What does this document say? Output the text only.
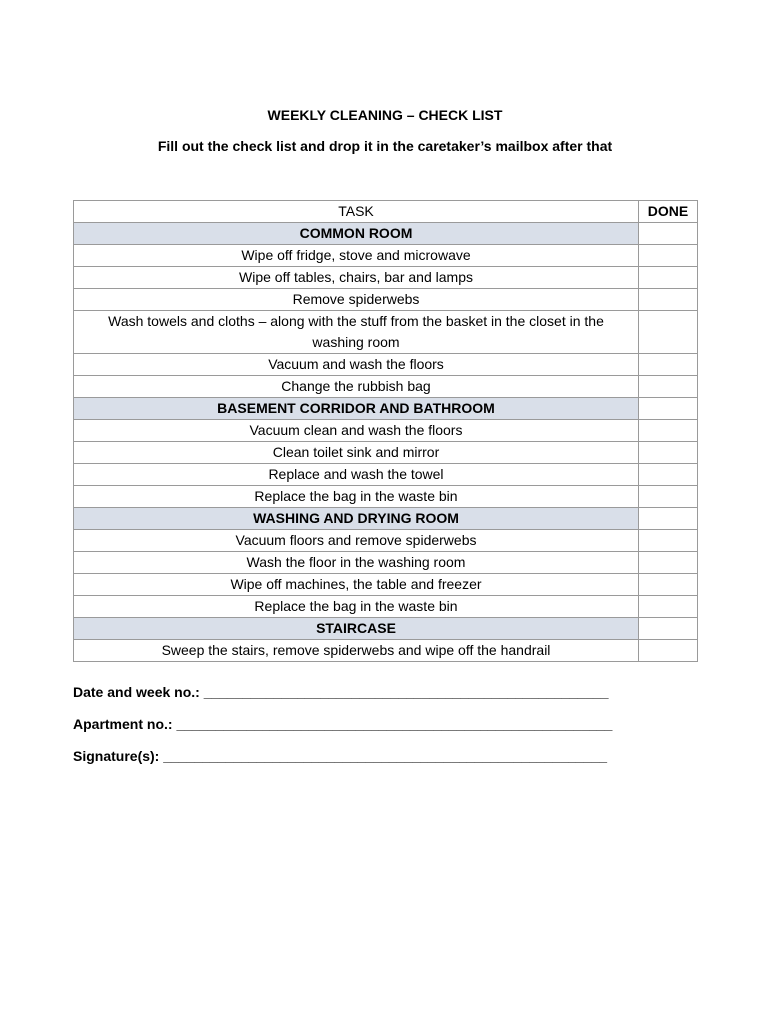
WEEKLY CLEANING – CHECK LIST
Fill out the check list and drop it in the caretaker’s mailbox after that
TASK	DONE
COMMON ROOM	
Wipe off fridge, stove and microwave	
Wipe off tables, chairs, bar and lamps	
Remove spiderwebs	
Wash towels and cloths – along with the stuff from the basket in the closet in the washing room	
Vacuum and wash the floors	
Change the rubbish bag	
BASEMENT CORRIDOR AND BATHROOM	
Vacuum clean and wash the floors	
Clean toilet sink and mirror	
Replace and wash the towel	
Replace the bag in the waste bin	
WASHING AND DRYING ROOM	
Vacuum floors and remove spiderwebs	
Wash the floor in the washing room	
Wipe off machines, the table and freezer	
Replace the bag in the waste bin	
STAIRCASE	
Sweep the stairs, remove spiderwebs and wipe off the handrail	
Date and week no.: ____________________________________________________
Apartment no.: ________________________________________________________
Signature(s): _________________________________________________________
